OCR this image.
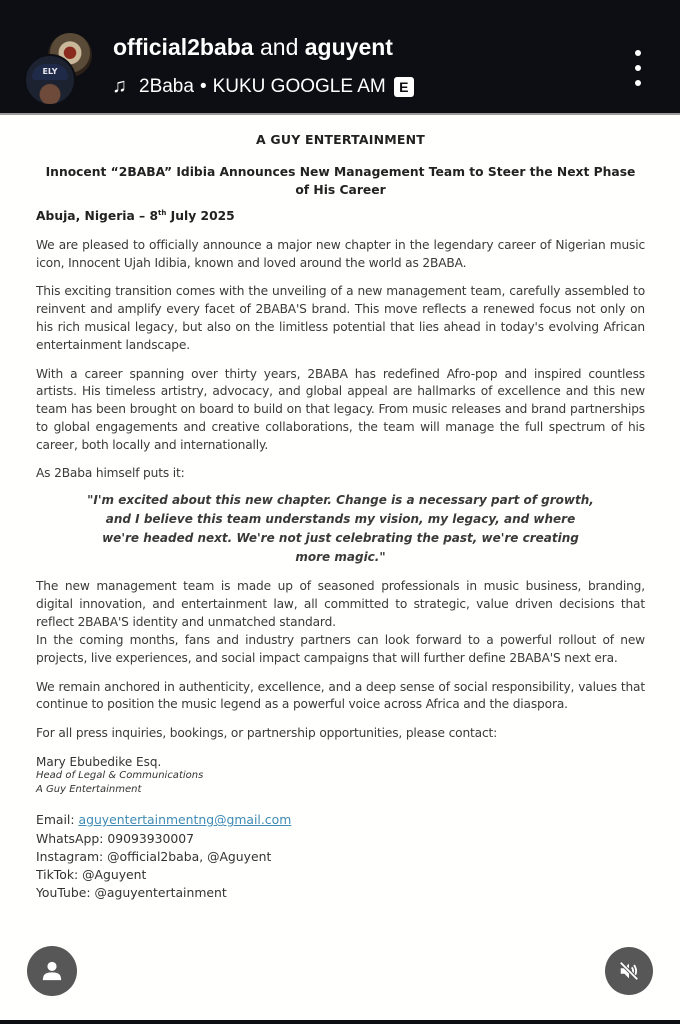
ELY
official2baba and aguyent
♫ 2Baba • KUKU GOOGLE AM E
A GUY ENTERTAINMENT
Innocent “2BABA” Idibia Announces New Management Team to Steer the Next Phase of His Career
Abuja, Nigeria – 8th July 2025
We are pleased to officially announce a major new chapter in the legendary career of Nigerian music icon, Innocent Ujah Idibia, known and loved around the world as 2BABA.
This exciting transition comes with the unveiling of a new management team, carefully assembled to reinvent and amplify every facet of 2BABA'S brand. This move reflects a renewed focus not only on his rich musical legacy, but also on the limitless potential that lies ahead in today's evolving African entertainment landscape.
With a career spanning over thirty years, 2BABA has redefined Afro-pop and inspired countless artists. His timeless artistry, advocacy, and global appeal are hallmarks of excellence and this new team has been brought on board to build on that legacy. From music releases and brand partnerships to global engagements and creative collaborations, the team will manage the full spectrum of his career, both locally and internationally.
As 2Baba himself puts it:
"I'm excited about this new chapter. Change is a necessary part of growth, and I believe this team understands my vision, my legacy, and where we're headed next. We're not just celebrating the past, we're creating more magic."
The new management team is made up of seasoned professionals in music business, branding, digital innovation, and entertainment law, all committed to strategic, value driven decisions that reflect 2BABA'S identity and unmatched standard.
In the coming months, fans and industry partners can look forward to a powerful rollout of new projects, live experiences, and social impact campaigns that will further define 2BABA'S next era.
We remain anchored in authenticity, excellence, and a deep sense of social responsibility, values that continue to position the music legend as a powerful voice across Africa and the diaspora.
For all press inquiries, bookings, or partnership opportunities, please contact:
Mary Ebubedike Esq.
Head of Legal & Communications
A Guy Entertainment
Email: aguyentertainmentng@gmail.com
WhatsApp: 09093930007
Instagram: @official2baba, @Aguyent
TikTok: @Aguyent
YouTube: @aguyentertainment
